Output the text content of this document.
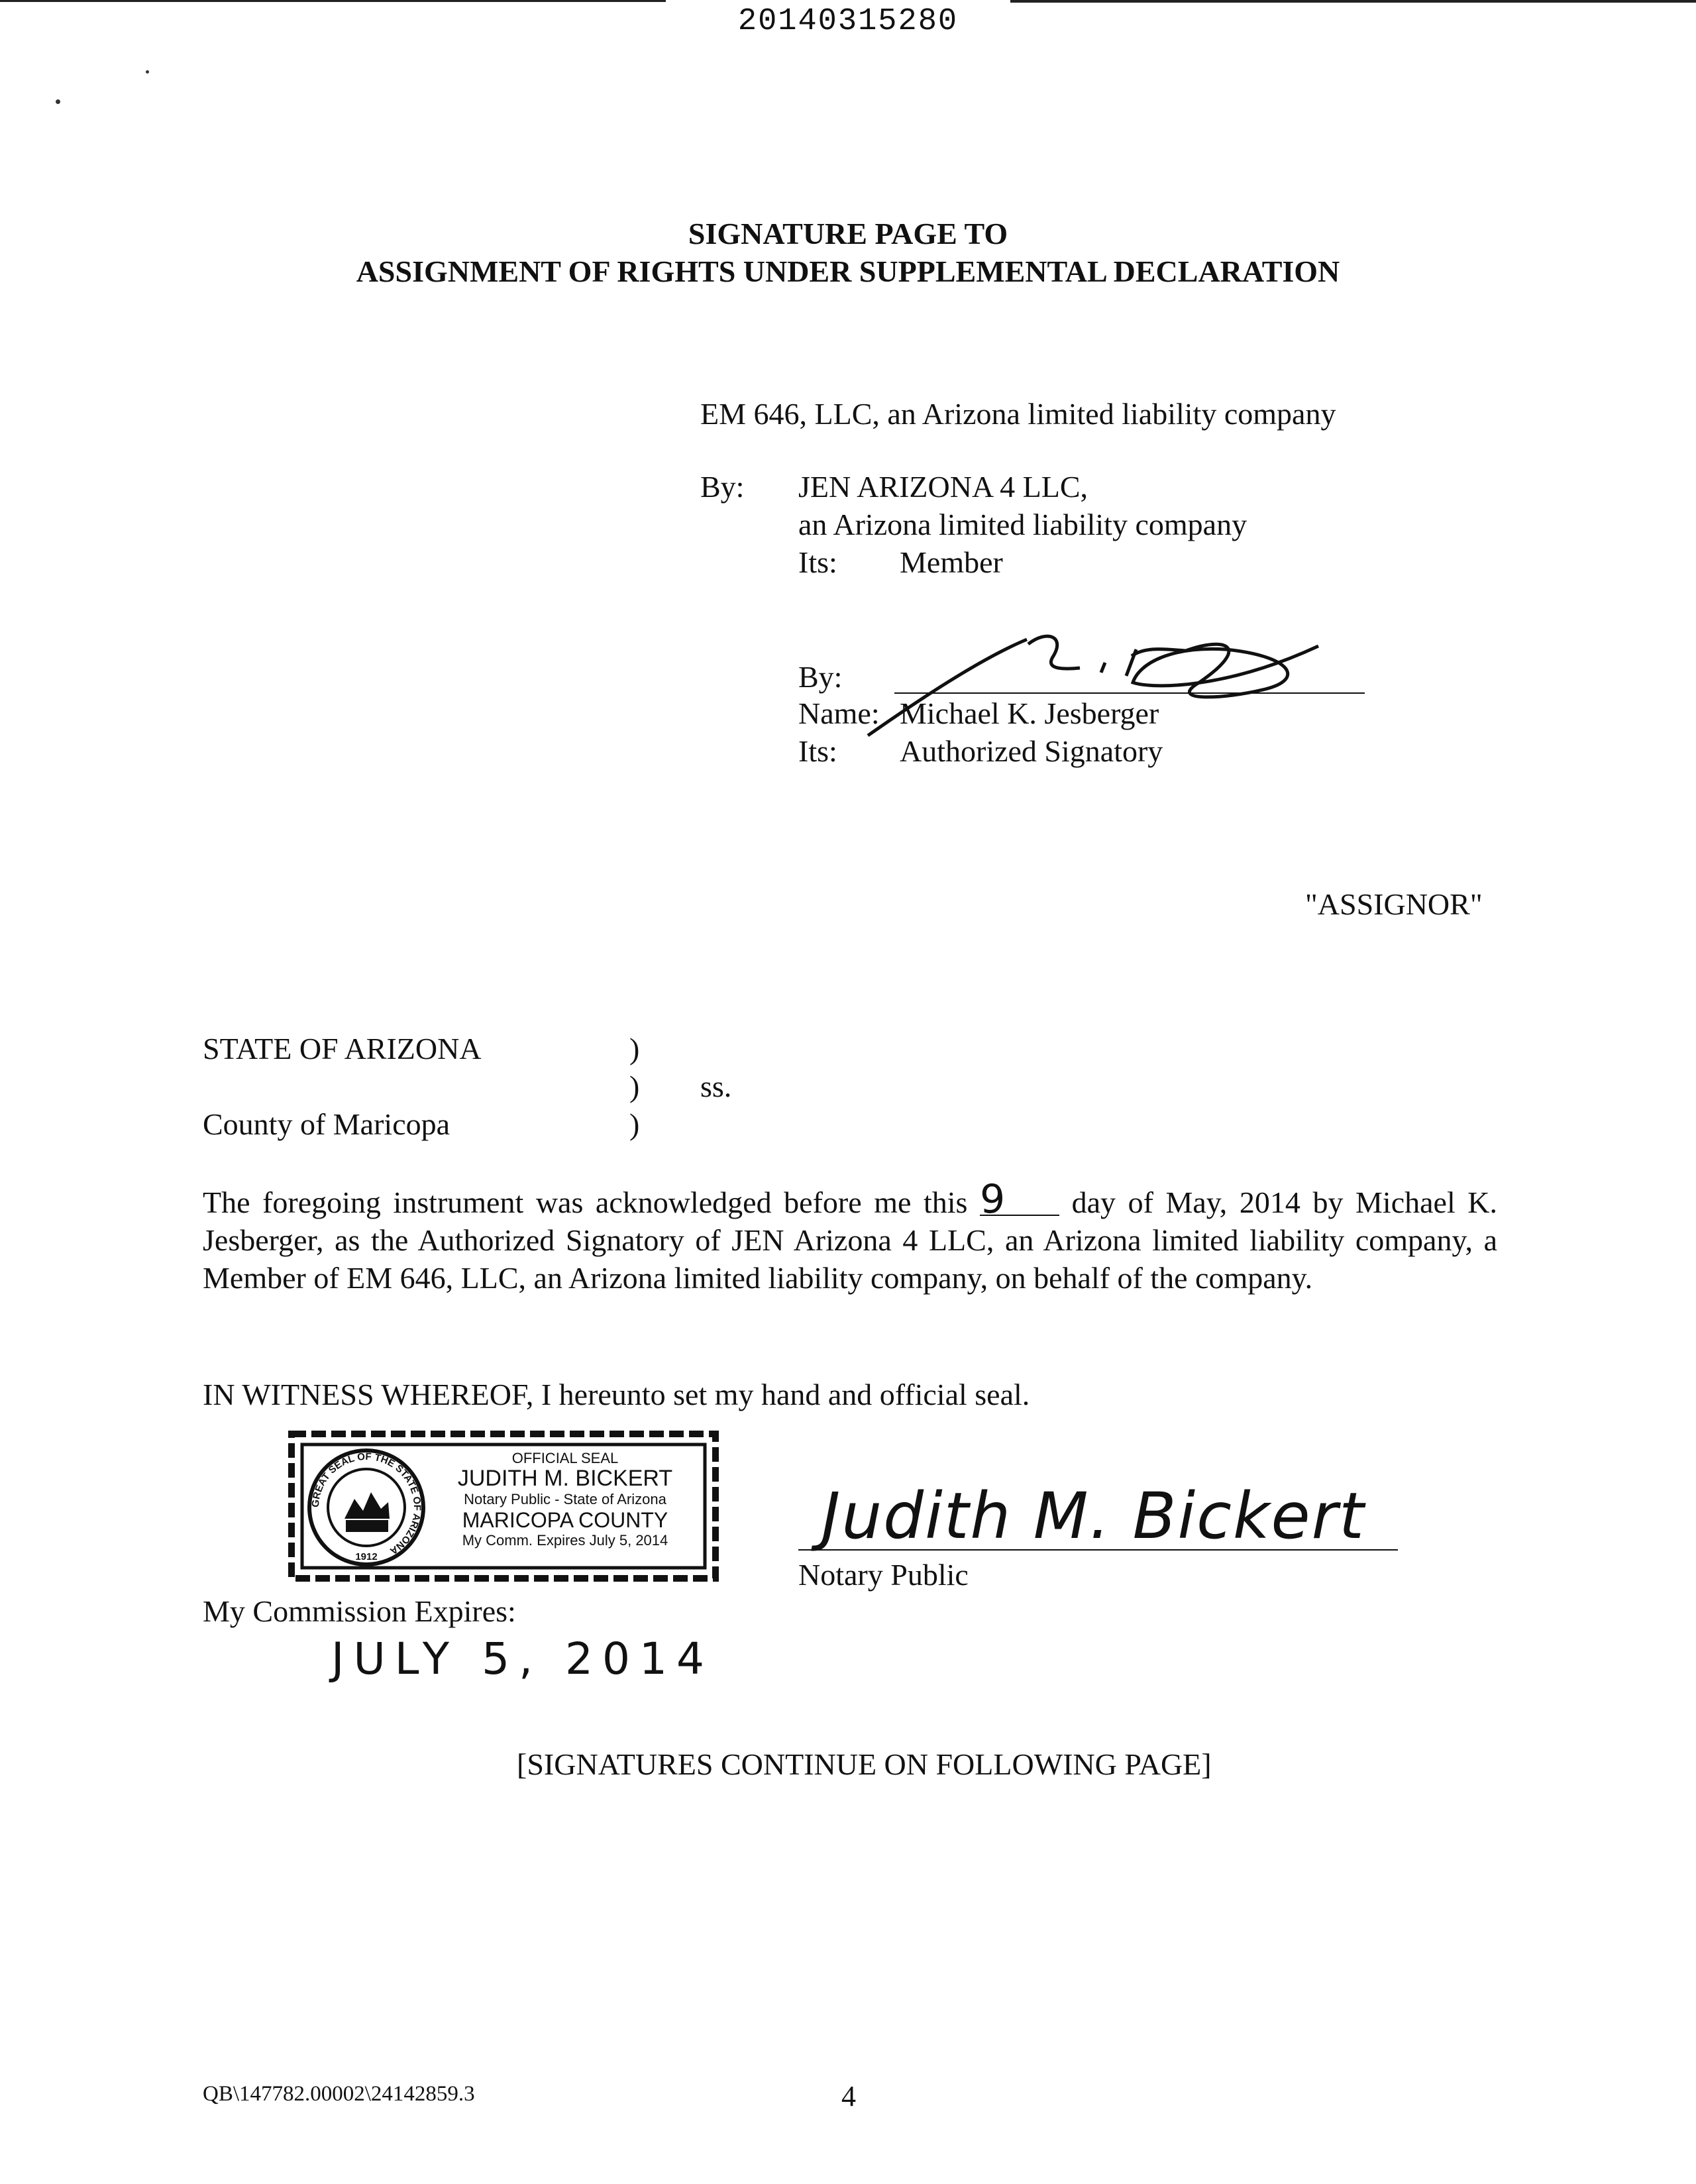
20140315280
SIGNATURE PAGE TO
ASSIGNMENT OF RIGHTS UNDER SUPPLEMENTAL DECLARATION
EM 646, LLC, an Arizona limited liability company
By: JEN ARIZONA 4 LLC,
an Arizona limited liability company
Its: Member
By:
Name: Michael K. Jesberger
Its: Authorized Signatory
"ASSIGNOR"
STATE OF ARIZONA	)
) ss.
County of Maricopa	)
The foregoing instrument was acknowledged before me this 9 day of May, 2014 by Michael K. Jesberger, as the Authorized Signatory of JEN Arizona 4 LLC, an Arizona limited liability company, a Member of EM 646, LLC, an Arizona limited liability company, on behalf of the company.
IN WITNESS WHEREOF, I hereunto set my hand and official seal.
GREAT SEAL OF THE STATE OF ARIZONA
1912
OFFICIAL SEAL
JUDITH M. BICKERT
Notary Public - State of Arizona
MARICOPA COUNTY
My Comm. Expires July 5, 2014	Judith M. Bickert
Notary Public
My Commission Expires:
JULY 5, 2014
[SIGNATURES CONTINUE ON FOLLOWING PAGE]
QB\147782.00002\24142859.3	4
